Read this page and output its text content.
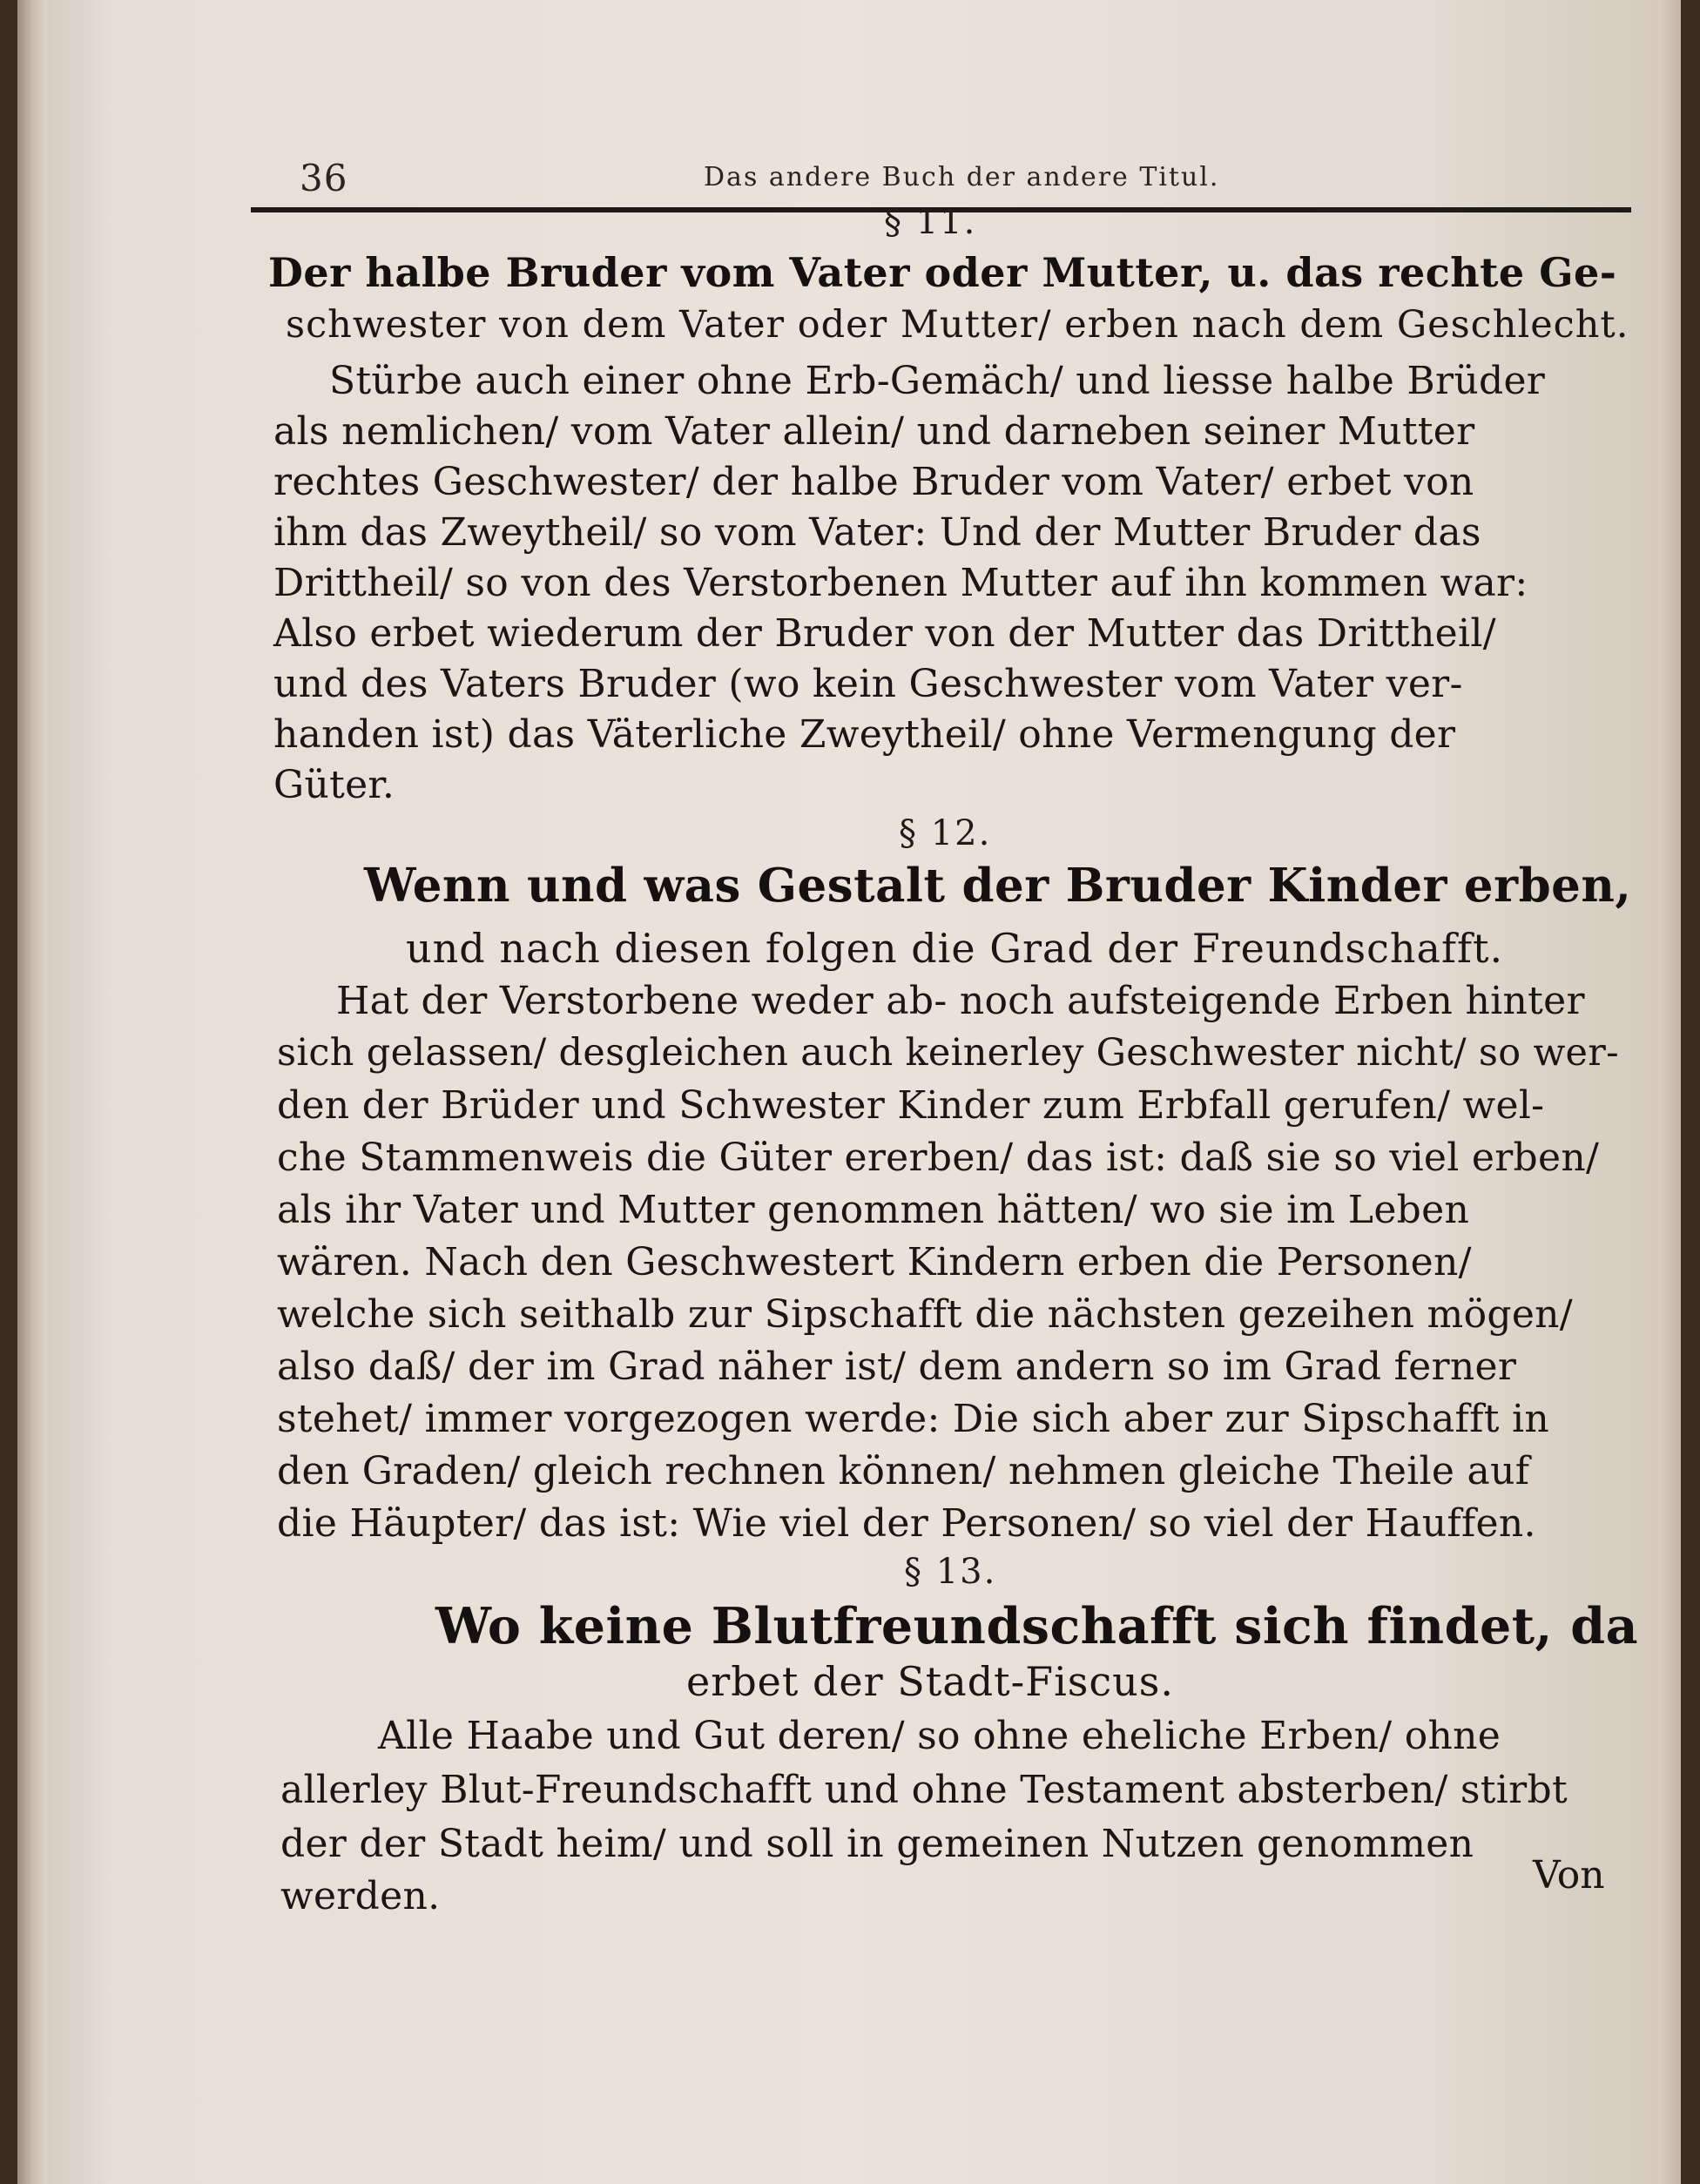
36	Das andere Buch der andere Titul.
§ 11.
Der halbe Bruder vom Vater oder Mutter, u. das rechte Ge-
schwester von dem Vater oder Mutter/ erben nach dem Geschlecht.
Stürbe auch einer ohne Erb-Gemäch/ und liesse halbe Brüder
als nemlichen/ vom Vater allein/ und darneben seiner Mutter
rechtes Geschwester/ der halbe Bruder vom Vater/ erbet von
ihm das Zweytheil/ so vom Vater: Und der Mutter Bruder das
Drittheil/ so von des Verstorbenen Mutter auf ihn kommen war:
Also erbet wiederum der Bruder von der Mutter das Drittheil/
und des Vaters Bruder (wo kein Geschwester vom Vater ver-
handen ist) das Väterliche Zweytheil/ ohne Vermengung der
Güter.
§ 12.
Wenn und was Gestalt der Bruder Kinder erben,
und nach diesen folgen die Grad der Freundschafft.
Hat der Verstorbene weder ab- noch aufsteigende Erben hinter
sich gelassen/ desgleichen auch keinerley Geschwester nicht/ so wer-
den der Brüder und Schwester Kinder zum Erbfall gerufen/ wel-
che Stammenweis die Güter ererben/ das ist: daß sie so viel erben/
als ihr Vater und Mutter genommen hätten/ wo sie im Leben
wären. Nach den Geschwestert Kindern erben die Personen/
welche sich seithalb zur Sipschafft die nächsten gezeihen mögen/
also daß/ der im Grad näher ist/ dem andern so im Grad ferner
stehet/ immer vorgezogen werde: Die sich aber zur Sipschafft in
den Graden/ gleich rechnen können/ nehmen gleiche Theile auf
die Häupter/ das ist: Wie viel der Personen/ so viel der Hauffen.
§ 13.
Wo keine Blutfreundschafft sich findet, da
erbet der Stadt-Fiscus.
Alle Haabe und Gut deren/ so ohne eheliche Erben/ ohne
allerley Blut-Freundschafft und ohne Testament absterben/ stirbt
der der Stadt heim/ und soll in gemeinen Nutzen genommen
werden.	Von
